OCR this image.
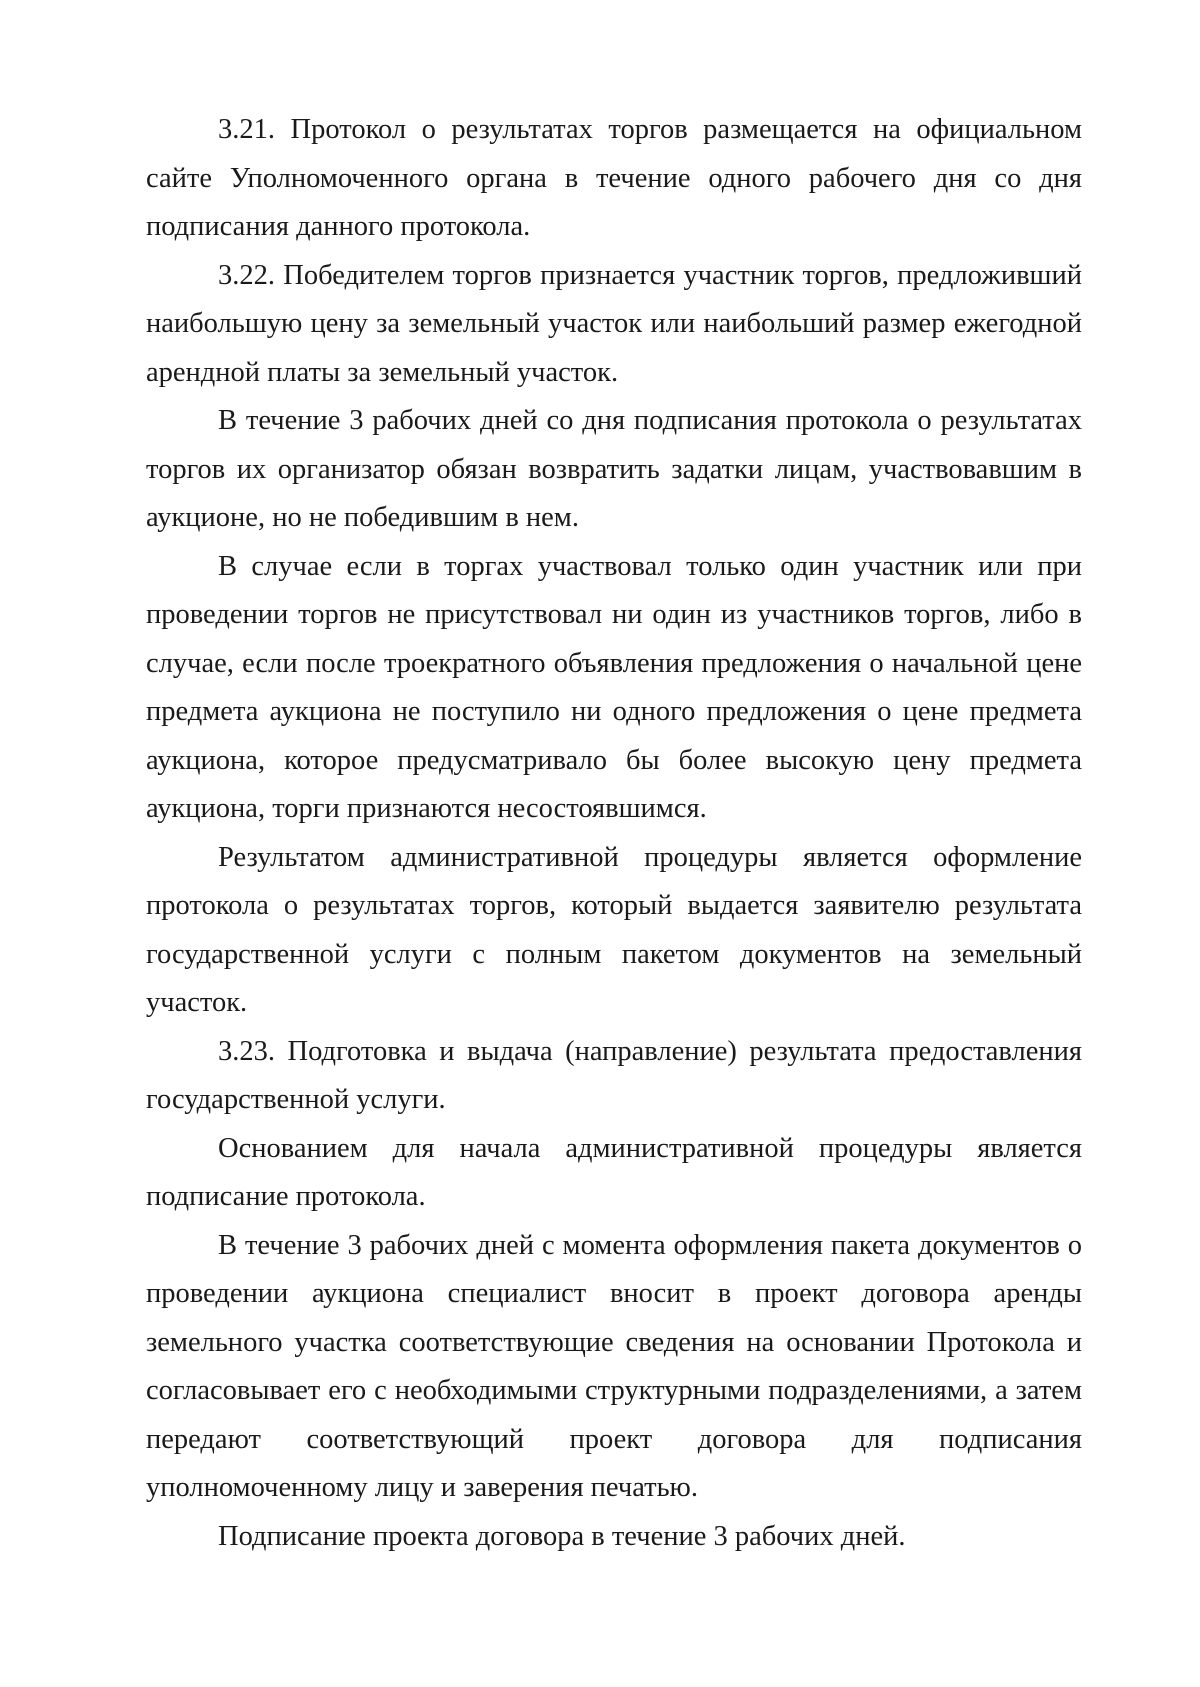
3.21. Протокол о результатах торгов размещается на официальном сайте Уполномоченного органа в течение одного рабочего дня со дня подписания данного протокола.

3.22. Победителем торгов признается участник торгов, предложивший наибольшую цену за земельный участок или наибольший размер ежегодной арендной платы за земельный участок.

В течение 3 рабочих дней со дня подписания протокола о результатах торгов их организатор обязан возвратить задатки лицам, участвовавшим в аукционе, но не победившим в нем.

В случае если в торгах участвовал только один участник или при проведении торгов не присутствовал ни один из участников торгов, либо в случае, если после троекратного объявления предложения о начальной цене предмета аукциона не поступило ни одного предложения о цене предмета аукциона, которое предусматривало бы более высокую цену предмета аукциона, торги признаются несостоявшимся.

Результатом административной процедуры является оформление протокола о результатах торгов, который выдается заявителю результата государственной услуги с полным пакетом документов на земельный участок.

3.23. Подготовка и выдача (направление) результата предоставления государственной услуги.

Основанием для начала административной процедуры является подписание протокола.

В течение 3 рабочих дней с момента оформления пакета документов о проведении аукциона специалист вносит в проект договора аренды земельного участка соответствующие сведения на основании Протокола и согласовывает его с необходимыми структурными подразделениями, а затем передают соответствующий проект договора для подписания уполномоченному лицу и заверения печатью.

Подписание проекта договора в течение 3 рабочих дней.
